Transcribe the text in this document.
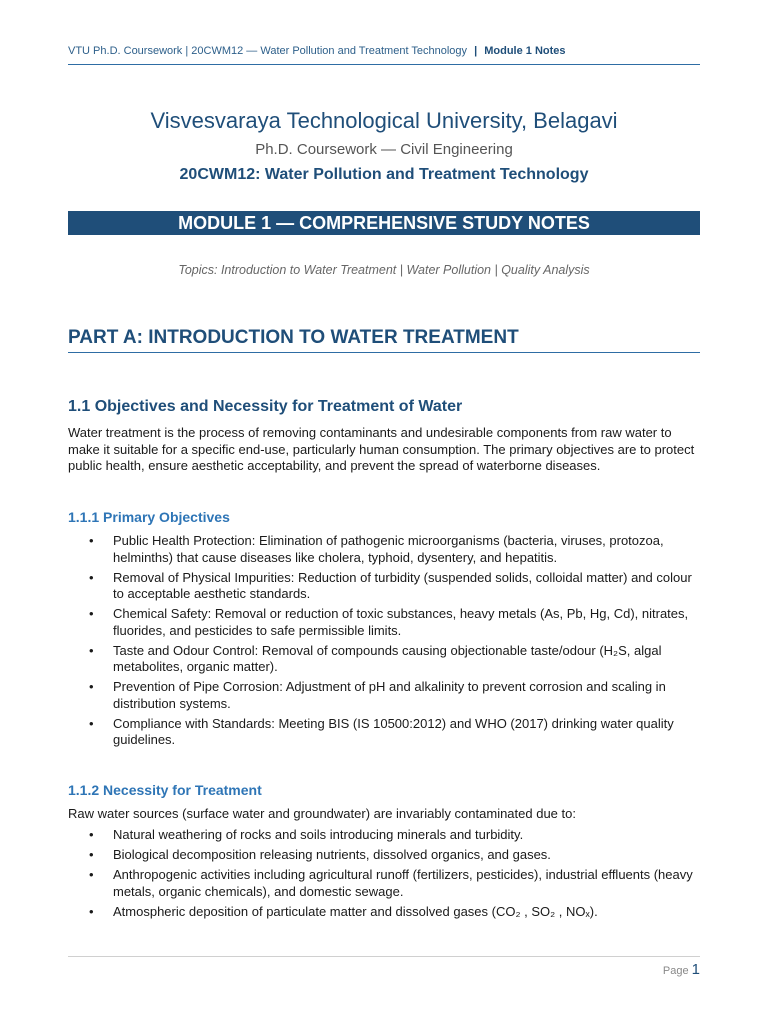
VTU Ph.D. Coursework | 20CWM12 — Water Pollution and Treatment Technology | Module 1 Notes

Visvesvaraya Technological University, Belagavi

Ph.D. Coursework — Civil Engineering

20CWM12: Water Pollution and Treatment Technology

MODULE 1 — COMPREHENSIVE STUDY NOTES
Topics: Introduction to Water Treatment | Water Pollution | Quality Analysis
PART A: INTRODUCTION TO WATER TREATMENT
1.1 Objectives and Necessity for Treatment of Water

Water treatment is the process of removing contaminants and undesirable components from raw water to make it suitable for a specific end-use, particularly human consumption. The primary objectives are to protect public health, ensure aesthetic acceptability, and prevent the spread of waterborne diseases.

1.1.1 Primary Objectives
• Public Health Protection: Elimination of pathogenic microorganisms (bacteria, viruses, protozoa, helminths) that cause diseases like cholera, typhoid, dysentery, and hepatitis.
• Removal of Physical Impurities: Reduction of turbidity (suspended solids, colloidal matter) and colour to acceptable aesthetic standards.
• Chemical Safety: Removal or reduction of toxic substances, heavy metals (As, Pb, Hg, Cd), nitrates, fluorides, and pesticides to safe permissible limits.
• Taste and Odour Control: Removal of compounds causing objectionable taste/odour (H₂S, algal metabolites, organic matter).
• Prevention of Pipe Corrosion: Adjustment of pH and alkalinity to prevent corrosion and scaling in distribution systems.
• Compliance with Standards: Meeting BIS (IS 10500:2012) and WHO (2017) drinking water quality guidelines.
1.1.2 Necessity for Treatment

Raw water sources (surface water and groundwater) are invariably contaminated due to:

• Natural weathering of rocks and soils introducing minerals and turbidity.
• Biological decomposition releasing nutrients, dissolved organics, and gases.
• Anthropogenic activities including agricultural runoff (fertilizers, pesticides), industrial effluents (heavy metals, organic chemicals), and domestic sewage.
• Atmospheric deposition of particulate matter and dissolved gases (CO₂ , SO₂ , NOₓ).
Page 1
